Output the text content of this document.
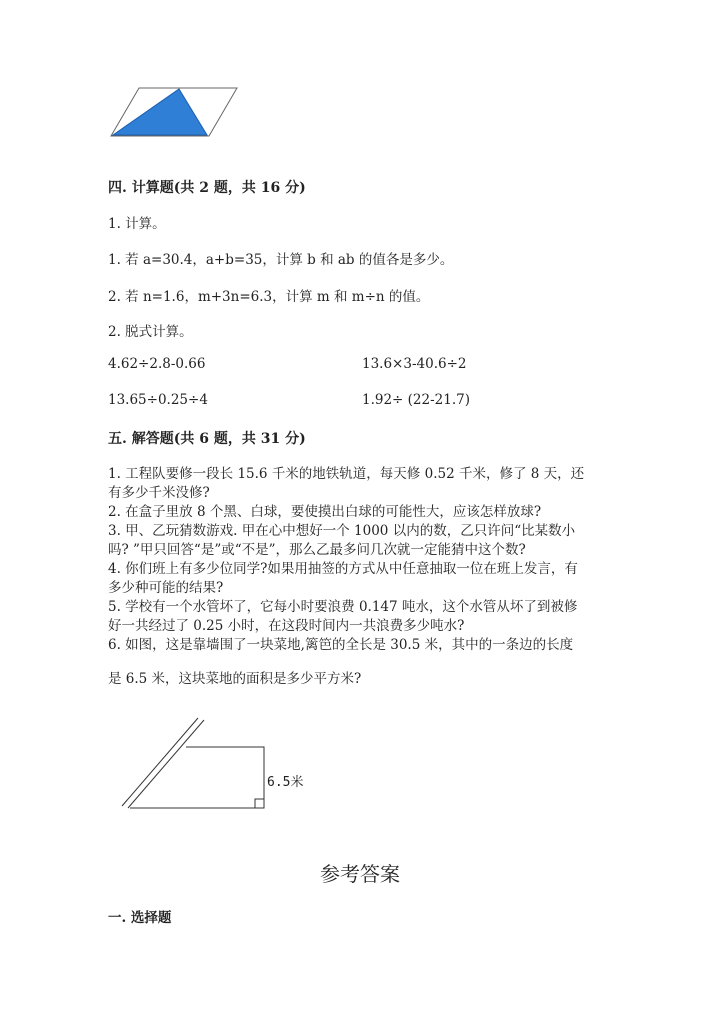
四. 计算题(共 2 题，共 16 分)
1. 计算。
1. 若 a=30.4，a+b=35，计算 b 和 ab 的值各是多少。
2. 若 n=1.6，m+3n=6.3，计算 m 和 m÷n 的值。
2. 脱式计算。
4.62÷2.8-0.66	13.6×3-40.6÷2
13.65÷0.25÷4	1.92÷ (22-21.7)
五. 解答题(共 6 题，共 31 分)
1. 工程队要修一段长 15.6 千米的地铁轨道，每天修 0.52 千米，修了 8 天，还
有多少千米没修?
2. 在盒子里放 8 个黑、白球，要使摸出白球的可能性大，应该怎样放球?
3. 甲、乙玩猜数游戏. 甲在心中想好一个 1000 以内的数，乙只许问“比某数小
吗? ”甲只回答“是”或“不是”，那么乙最多问几次就一定能猜中这个数?
4. 你们班上有多少位同学?如果用抽签的方式从中任意抽取一位在班上发言，有
多少种可能的结果?
5. 学校有一个水管坏了，它每小时要浪费 0.147 吨水，这个水管从坏了到被修
好一共经过了 0.25 小时，在这段时间内一共浪费多少吨水?
6. 如图，这是靠墙围了一块菜地,篱笆的全长是 30.5 米，其中的一条边的长度
是 6.5 米，这块菜地的面积是多少平方米?
6.5米
参考答案
一. 选择题
